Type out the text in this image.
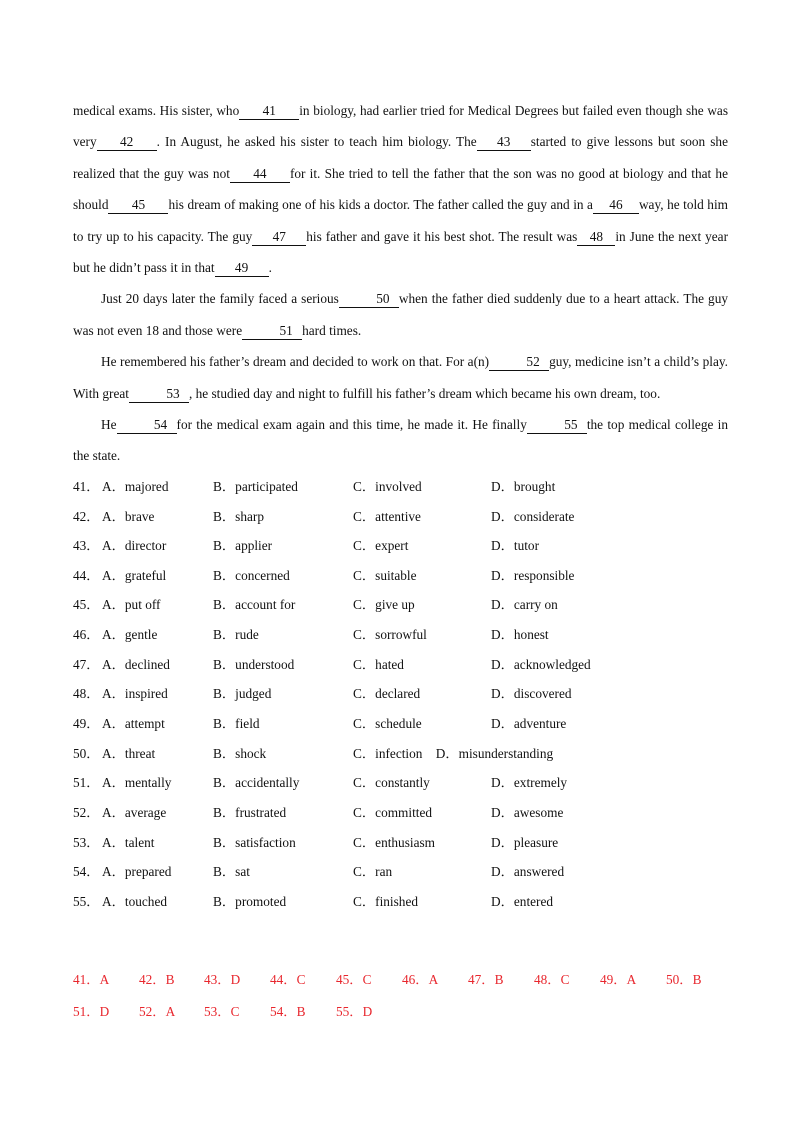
medical exams. His sister, who 41 in biology, had earlier tried for Medical Degrees but failed even though she was very 42 . In August, he asked his sister to teach him biology. The 43 started to give lessons but soon she realized that the guy was not 44 for it. She tried to tell the father that the son was no good at biology and that he should 45 his dream of making one of his kids a doctor. The father called the guy and in a 46 way, he told him to try up to his capacity. The guy 47 his father and gave it his best shot. The result was 48 in June the next year but he didn’t pass it in that 49 .

Just 20 days later the family faced a serious	50 when the father died suddenly due to a heart attack. The guy was not even 18 and those were	51 hard times.

He remembered his father’s dream and decided to work on that. For a(n)	52 guy, medicine isn’t a child’s play. With great	53 , he studied day and night to fulfill his father’s dream which became his own dream, too.

He	54 for the medical exam again and this time, he made it. He finally	55 the top medical college in the state.

41． A．majored	B．participated	C．involved	D．brought
42． A．brave	B．sharp	C．attentive	D．considerate
43． A．director	B．applier	C．expert	D．tutor
44． A．grateful	B．concerned	C．suitable	D．responsible
45． A．put off	B．account for	C．give up	D．carry on
46． A．gentle	B．rude	C．sorrowful	D．honest
47． A．declined	B．understood	C．hated	D．acknowledged
48． A．inspired	B．judged	C．declared	D．discovered
49． A．attempt	B．field	C．schedule	D．adventure
50． A．threat	B．shock	C．infection　D．misunderstanding
51． A．mentally	B．accidentally	C．constantly	D．extremely
52． A．average	B．frustrated	C．committed	D．awesome
53． A．talent	B．satisfaction	C．enthusiasm	D．pleasure
54． A．prepared	B．sat	C．ran	D．answered
55． A．touched	B．promoted	C．finished	D．entered
41．A 42．B 43．D 44．C 45．C 46．A 47．B 48．C 49．A 50．B
51．D 52．A 53．C 54．B 55．D
